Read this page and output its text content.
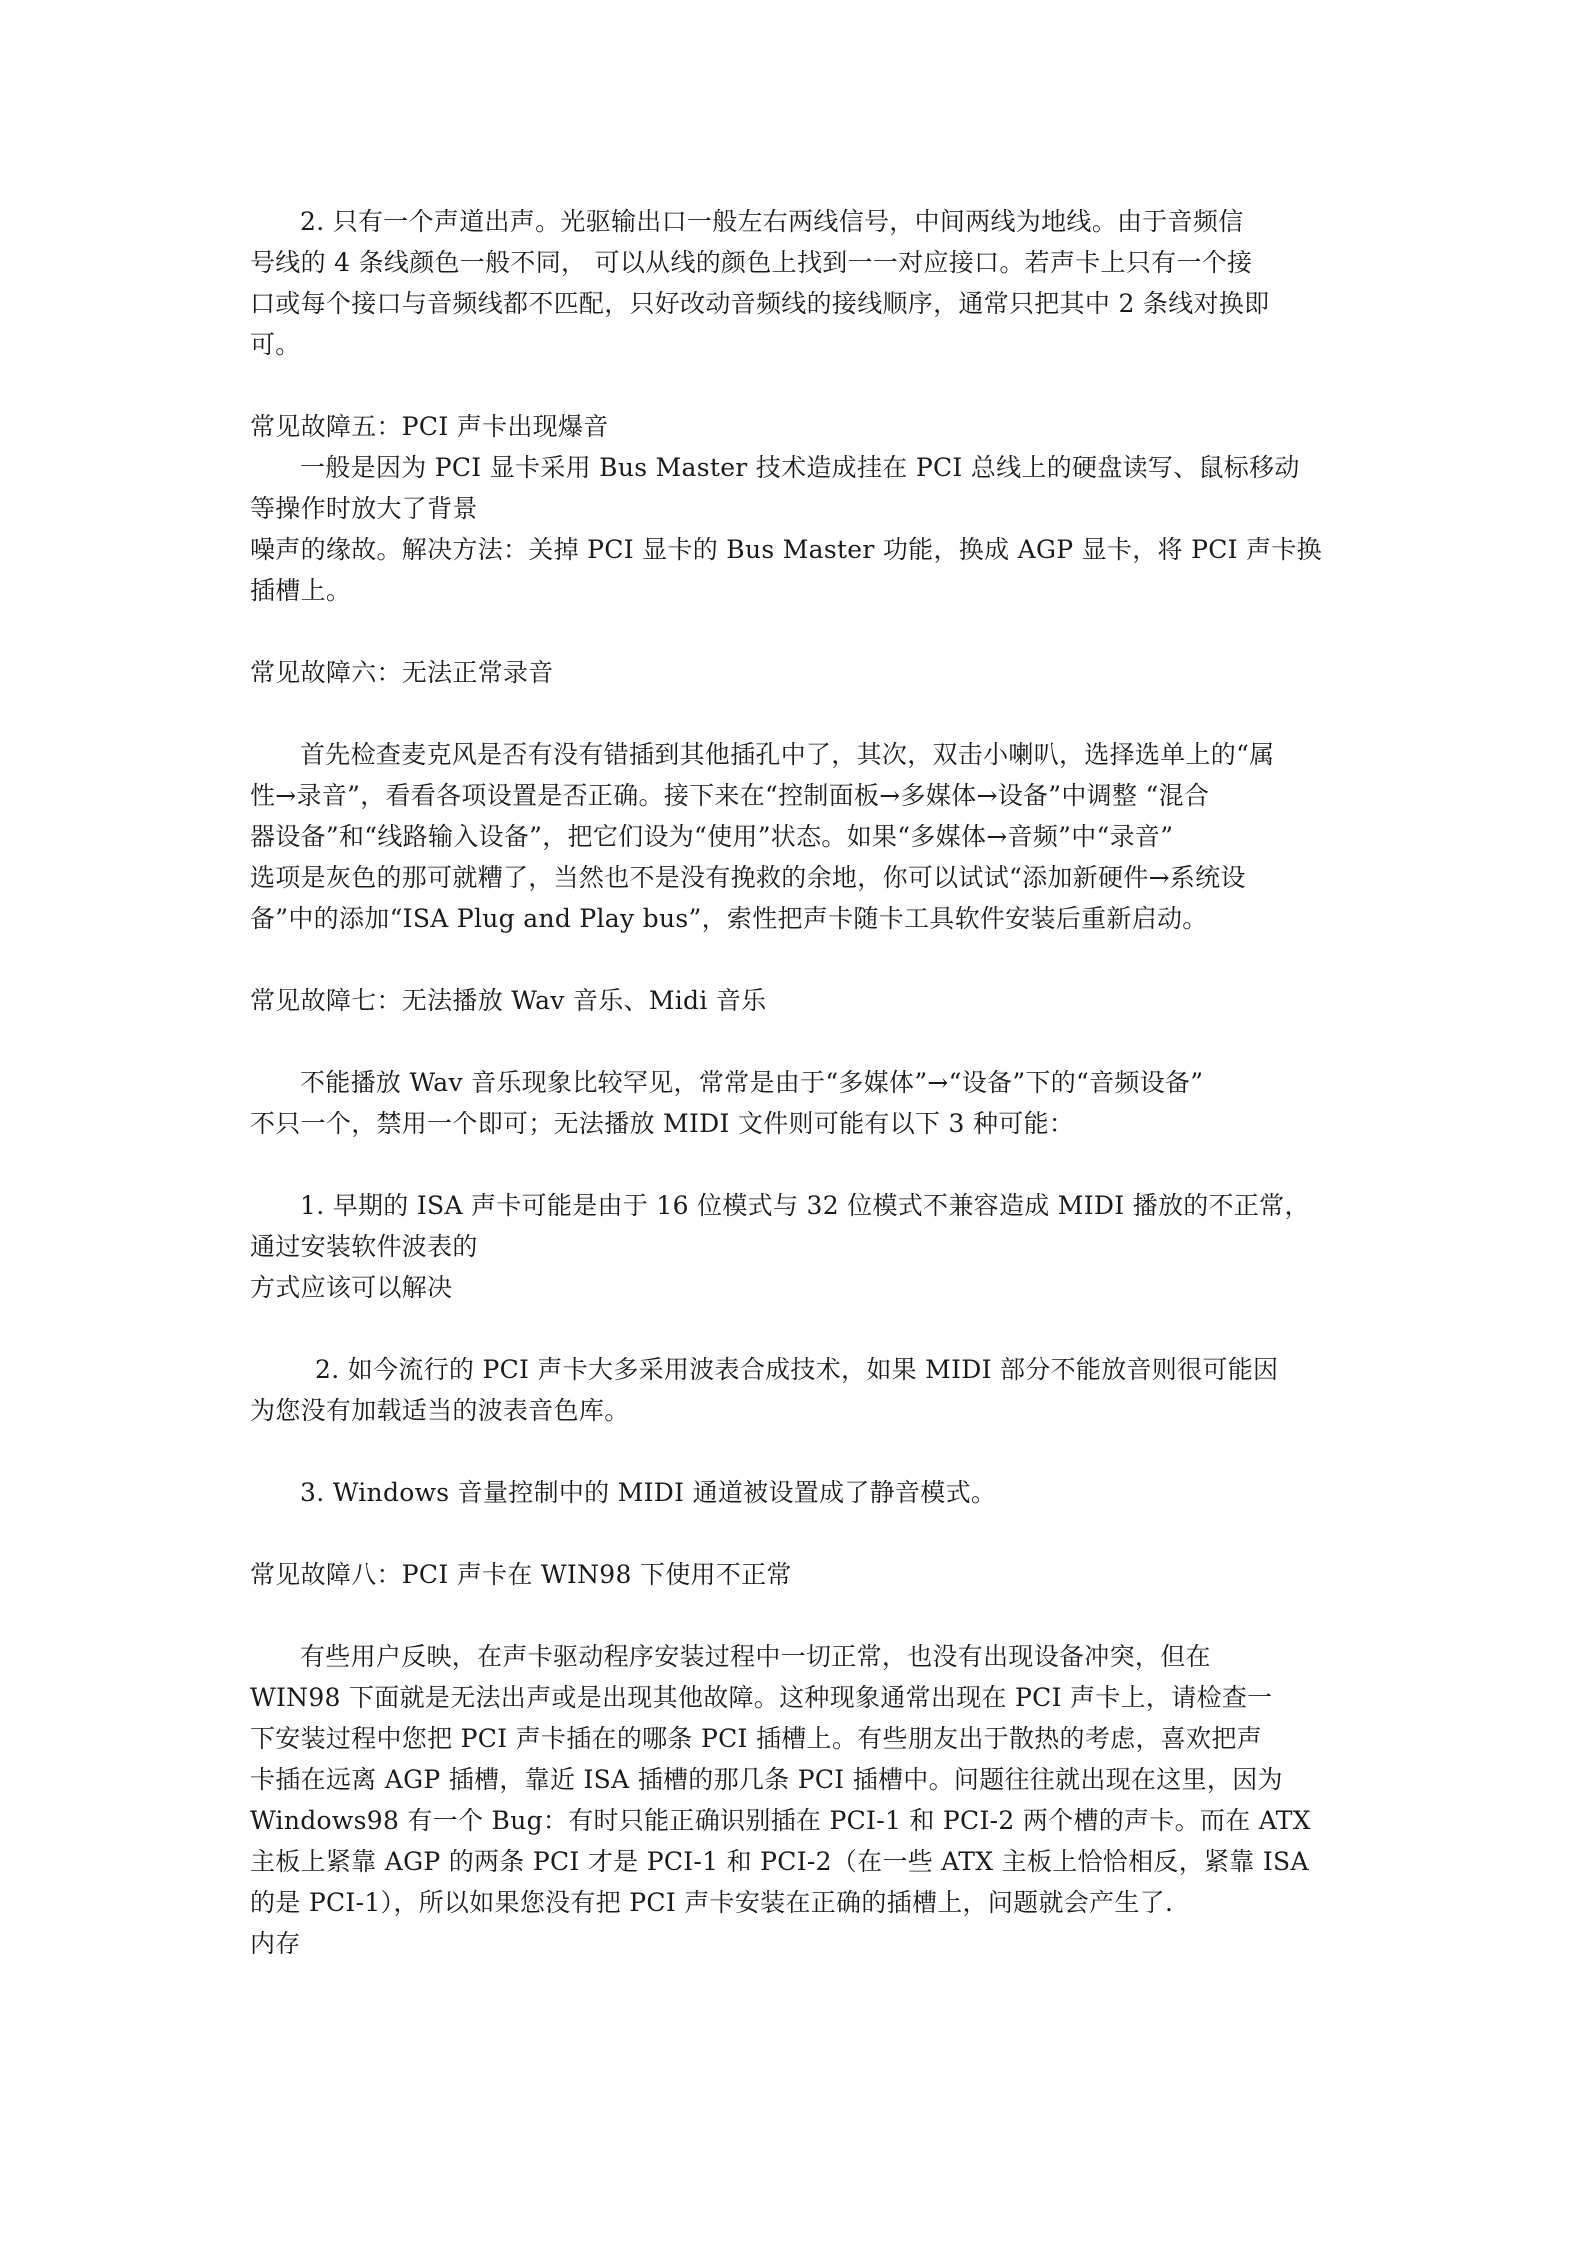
2. 只有一个声道出声。光驱输出口一般左右两线信号，中间两线为地线。由于音频信

号线的 4 条线颜色一般不同， 可以从线的颜色上找到一一对应接口。若声卡上只有一个接

口或每个接口与音频线都不匹配，只好改动音频线的接线顺序，通常只把其中 2 条线对换即

可。

常见故障五：PCI 声卡出现爆音

一般是因为 PCI 显卡采用 Bus Master 技术造成挂在 PCI 总线上的硬盘读写、鼠标移动

等操作时放大了背景

噪声的缘故。解决方法：关掉 PCI 显卡的 Bus Master 功能，换成 AGP 显卡，将 PCI 声卡换

插槽上。

常见故障六：无法正常录音

首先检查麦克风是否有没有错插到其他插孔中了，其次，双击小喇叭，选择选单上的“属

性→录音”，看看各项设置是否正确。接下来在“控制面板→多媒体→设备”中调整 “混合

器设备”和“线路输入设备”，把它们设为“使用”状态。如果“多媒体→音频”中“录音”

选项是灰色的那可就糟了，当然也不是没有挽救的余地，你可以试试“添加新硬件→系统设

备”中的添加“ISA Plug and Play bus”，索性把声卡随卡工具软件安装后重新启动。

常见故障七：无法播放 Wav 音乐、Midi 音乐

不能播放 Wav 音乐现象比较罕见，常常是由于“多媒体”→“设备”下的“音频设备”

不只一个，禁用一个即可；无法播放 MIDI 文件则可能有以下 3 种可能：

1. 早期的 ISA 声卡可能是由于 16 位模式与 32 位模式不兼容造成 MIDI 播放的不正常，

通过安装软件波表的

方式应该可以解决

2. 如今流行的 PCI 声卡大多采用波表合成技术，如果 MIDI 部分不能放音则很可能因

为您没有加载适当的波表音色库。

3. Windows 音量控制中的 MIDI 通道被设置成了静音模式。

常见故障八：PCI 声卡在 WIN98 下使用不正常

有些用户反映，在声卡驱动程序安装过程中一切正常，也没有出现设备冲突，但在

WIN98 下面就是无法出声或是出现其他故障。这种现象通常出现在 PCI 声卡上，请检查一

下安装过程中您把 PCI 声卡插在的哪条 PCI 插槽上。有些朋友出于散热的考虑，喜欢把声

卡插在远离 AGP 插槽，靠近 ISA 插槽的那几条 PCI 插槽中。问题往往就出现在这里，因为

Windows98 有一个 Bug：有时只能正确识别插在 PCI-1 和 PCI-2 两个槽的声卡。而在 ATX

主板上紧靠 AGP 的两条 PCI 才是 PCI-1 和 PCI-2（在一些 ATX 主板上恰恰相反，紧靠 ISA

的是 PCI-1），所以如果您没有把 PCI 声卡安装在正确的插槽上，问题就会产生了.

内存
